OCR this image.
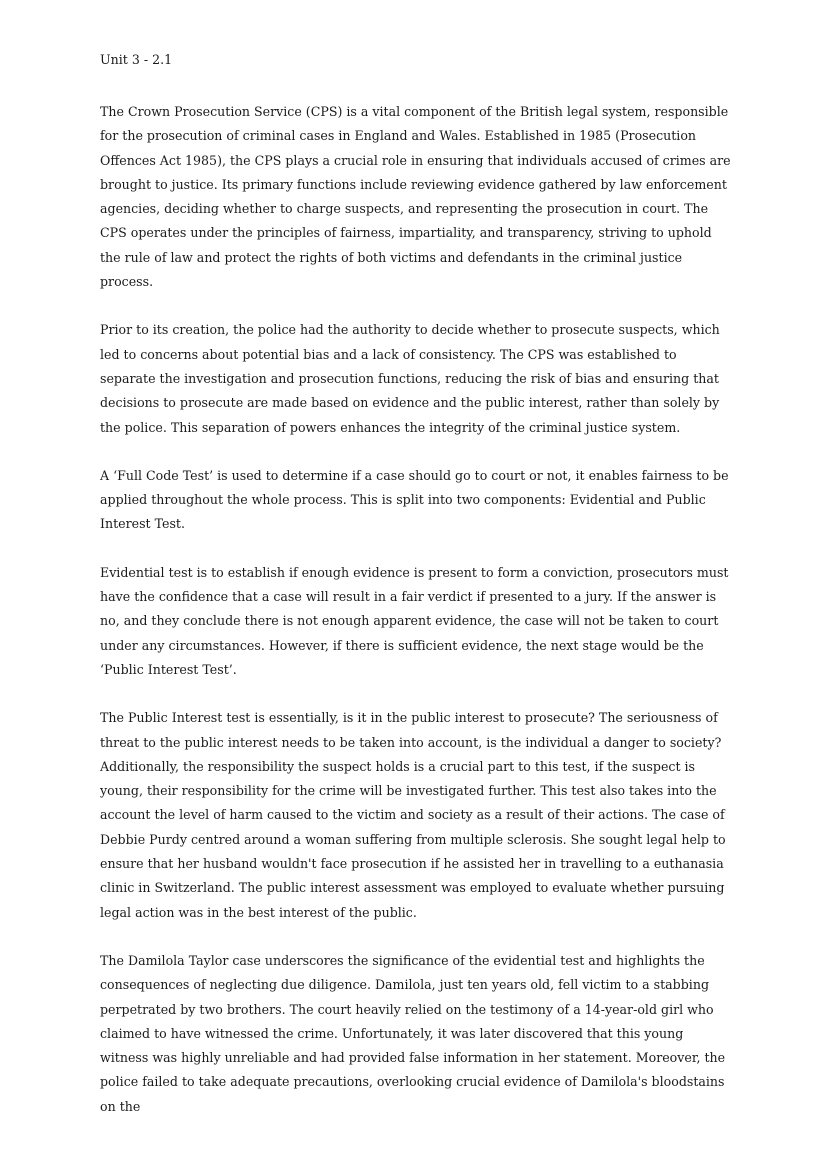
Unit 3 - 2.1

The Crown Prosecution Service (CPS) is a vital component of the British legal system, responsible for the prosecution of criminal cases in England and Wales. Established in 1985 (Prosecution Offences Act 1985), the CPS plays a crucial role in ensuring that individuals accused of crimes are brought to justice. Its primary functions include reviewing evidence gathered by law enforcement agencies, deciding whether to charge suspects, and representing the prosecution in court. The CPS operates under the principles of fairness, impartiality, and transparency, striving to uphold the rule of law and protect the rights of both victims and defendants in the criminal justice process.

Prior to its creation, the police had the authority to decide whether to prosecute suspects, which led to concerns about potential bias and a lack of consistency. The CPS was established to separate the investigation and prosecution functions, reducing the risk of bias and ensuring that decisions to prosecute are made based on evidence and the public interest, rather than solely by the police. This separation of powers enhances the integrity of the criminal justice system.

A ‘Full Code Test’ is used to determine if a case should go to court or not, it enables fairness to be applied throughout the whole process. This is split into two components: Evidential and Public Interest Test.

Evidential test is to establish if enough evidence is present to form a conviction, prosecutors must have the confidence that a case will result in a fair verdict if presented to a jury. If the answer is no, and they conclude there is not enough apparent evidence, the case will not be taken to court under any circumstances. However, if there is sufficient evidence, the next stage would be the ‘Public Interest Test’.

The Public Interest test is essentially, is it in the public interest to prosecute? The seriousness of threat to the public interest needs to be taken into account, is the individual a danger to society? Additionally, the responsibility the suspect holds is a crucial part to this test, if the suspect is young, their responsibility for the crime will be investigated further. This test also takes into the account the level of harm caused to the victim and society as a result of their actions. The case of Debbie Purdy centred around a woman suffering from multiple sclerosis. She sought legal help to ensure that her husband wouldn't face prosecution if he assisted her in travelling to a euthanasia clinic in Switzerland. The public interest assessment was employed to evaluate whether pursuing legal action was in the best interest of the public.

The Damilola Taylor case underscores the significance of the evidential test and highlights the consequences of neglecting due diligence. Damilola, just ten years old, fell victim to a stabbing perpetrated by two brothers. The court heavily relied on the testimony of a 14-year-old girl who claimed to have witnessed the crime. Unfortunately, it was later discovered that this young witness was highly unreliable and had provided false information in her statement. Moreover, the police failed to take adequate precautions, overlooking crucial evidence of Damilola's bloodstains on the
